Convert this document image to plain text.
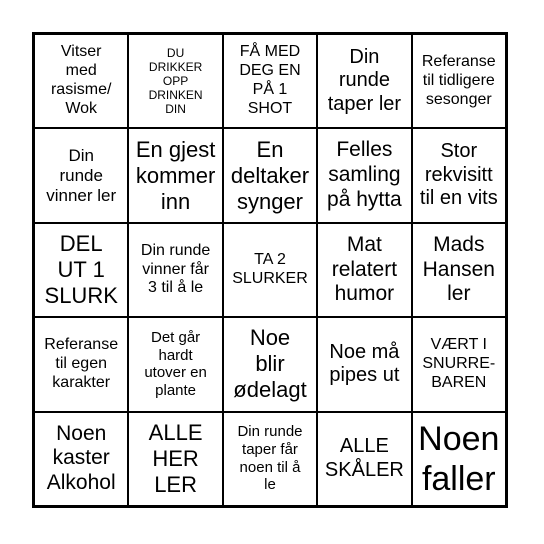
Vitser
med
rasisme/
Wok
DU
DRIKKER
OPP
DRINKEN
DIN
FÅ MED
DEG EN
PÅ 1
SHOT
Din
runde
taper ler
Referanse
til tidligere
sesonger
Din
runde
vinner ler
En gjest
kommer
inn
En
deltaker
synger
Felles
samling
på hytta
Stor
rekvisitt
til en vits
DEL
UT 1
SLURK
Din runde
vinner får
3 til å le
TA 2
SLURKER
Mat
relatert
humor
Mads
Hansen
ler
Referanse
til egen
karakter
Det går
hardt
utover en
plante
Noe
blir
ødelagt
Noe må
pipes ut
VÆRT I
SNURRE-
BAREN
Noen
kaster
Alkohol
ALLE
HER
LER
Din runde
taper får
noen til å
le
ALLE
SKÅLER
Noen
faller
